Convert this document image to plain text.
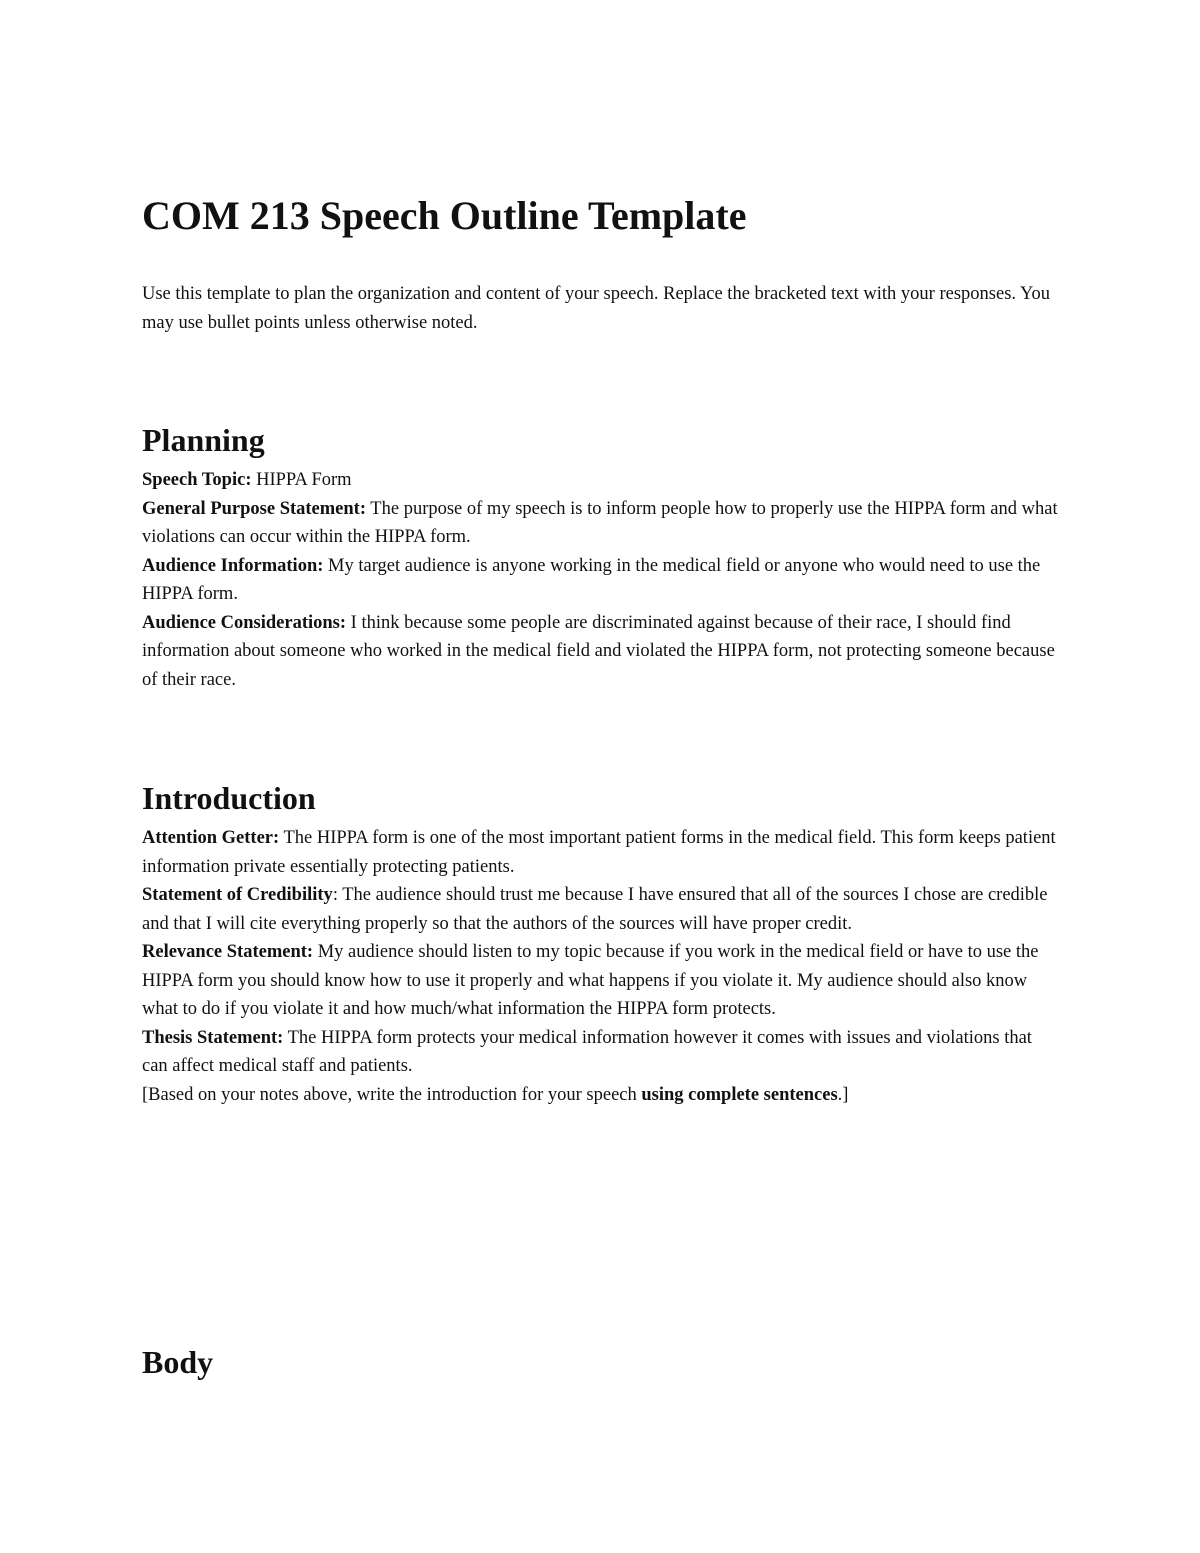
COM 213 Speech Outline Template

Use this template to plan the organization and content of your speech. Replace the bracketed text with your responses. You may use bullet points unless otherwise noted.

Planning

Speech Topic: HIPPA Form

General Purpose Statement: The purpose of my speech is to inform people how to properly use the HIPPA form and what violations can occur within the HIPPA form.

Audience Information: My target audience is anyone working in the medical field or anyone who would need to use the HIPPA form.

Audience Considerations: I think because some people are discriminated against because of their race, I should find information about someone who worked in the medical field and violated the HIPPA form, not protecting someone because of their race.

Introduction

Attention Getter: The HIPPA form is one of the most important patient forms in the medical field. This form keeps patient information private essentially protecting patients.

Statement of Credibility: The audience should trust me because I have ensured that all of the sources I chose are credible and that I will cite everything properly so that the authors of the sources will have proper credit.

Relevance Statement: My audience should listen to my topic because if you work in the medical field or have to use the HIPPA form you should know how to use it properly and what happens if you violate it. My audience should also know what to do if you violate it and how much/what information the HIPPA form protects.

Thesis Statement: The HIPPA form protects your medical information however it comes with issues and violations that can affect medical staff and patients.

[Based on your notes above, write the introduction for your speech using complete sentences.]

Body
